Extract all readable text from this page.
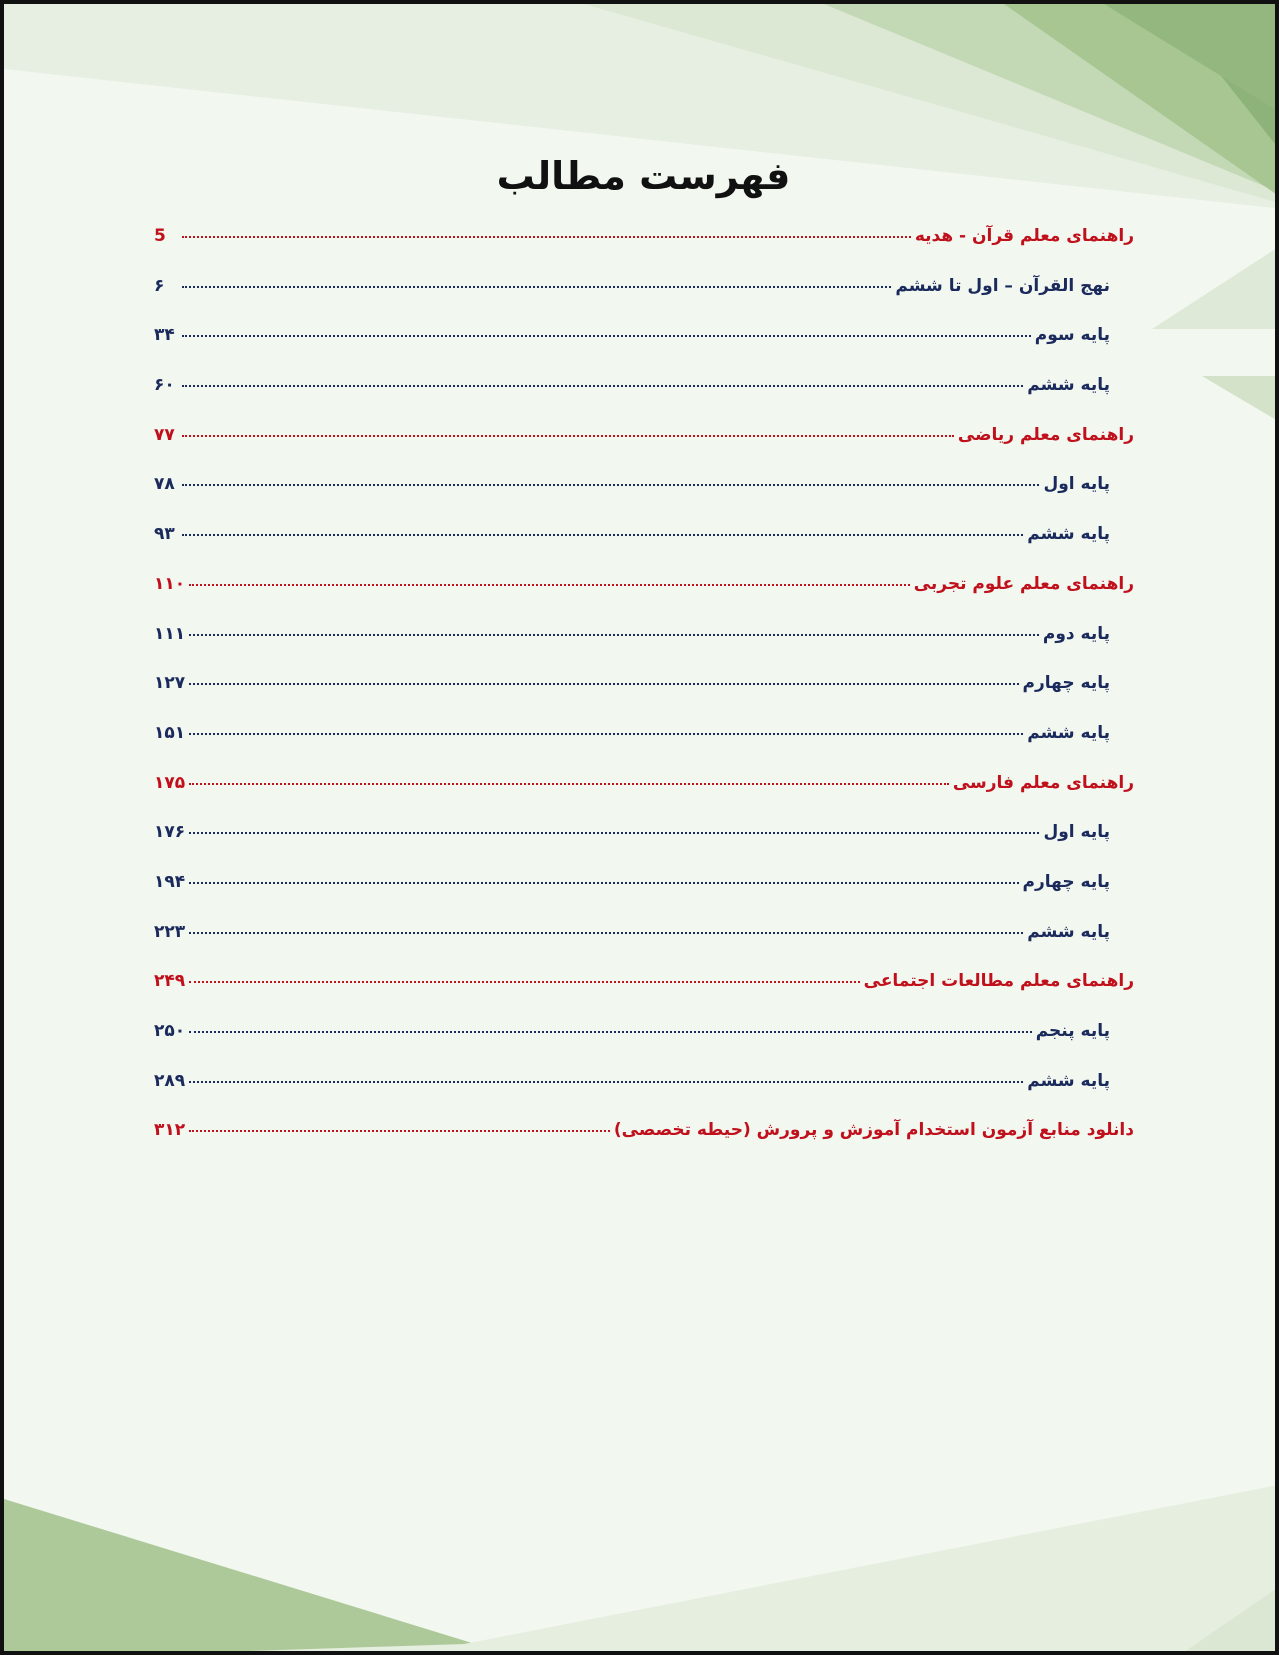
فهرست مطالب
راهنمای معلم قرآن - هدیه
5
نهج القرآن – اول تا ششم
۶
پایه سوم
۳۴
پایه ششم
۶۰
راهنمای معلم ریاضی
۷۷
پایه اول
۷۸
پایه ششم
۹۳
راهنمای معلم علوم تجربی
۱۱۰
پایه دوم
۱۱۱
پایه چهارم
۱۲۷
پایه ششم
۱۵۱
راهنمای معلم فارسی
۱۷۵
پایه اول
۱۷۶
پایه چهارم
۱۹۴
پایه ششم
۲۲۳
راهنمای معلم مطالعات اجتماعی
۲۴۹
پایه پنجم
۲۵۰
پایه ششم
۲۸۹
دانلود منابع آزمون استخدام آموزش و پرورش (حیطه تخصصی)
۳۱۲
